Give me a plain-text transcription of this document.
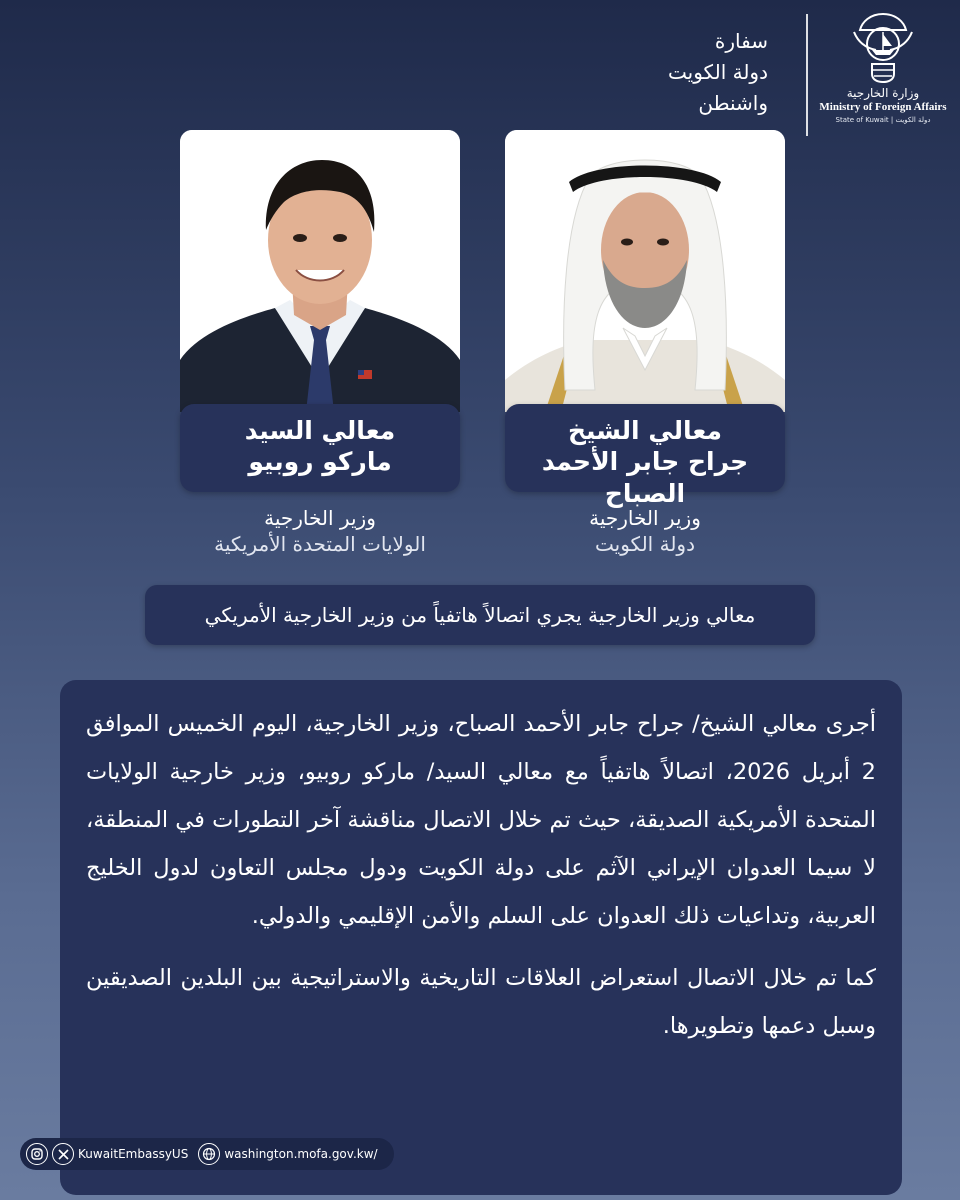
سفارة
دولة الكويت
واشنطن	وزارة الخارجية
Ministry of Foreign Affairs
State of Kuwait | دولة الكويت
معالي السيد
ماركو روبيو
معالي الشيخ
جراح جابر الأحمد الصباح
وزير الخارجية
الولايات المتحدة الأمريكية
وزير الخارجية
دولة الكويت
معالي وزير الخارجية يجري اتصالاً هاتفياً من وزير الخارجية الأمريكي

أجرى معالي الشيخ/ جراح جابر الأحمد الصباح، وزير الخارجية، اليوم الخميس الموافق 2 أبريل 2026، اتصالاً هاتفياً مع معالي السيد/ ماركو روبيو، وزير خارجية الولايات المتحدة الأمريكية الصديقة، حيث تم خلال الاتصال مناقشة آخر التطورات في المنطقة، لا سيما العدوان الإيراني الآثم على دولة الكويت ودول مجلس التعاون لدول الخليج العربية، وتداعيات ذلك العدوان على السلم والأمن الإقليمي والدولي.

كما تم خلال الاتصال استعراض العلاقات التاريخية والاستراتيجية بين البلدين الصديقين وسبل دعمها وتطويرها.

KuwaitEmbassyUS	washington.mofa.gov.kw/
